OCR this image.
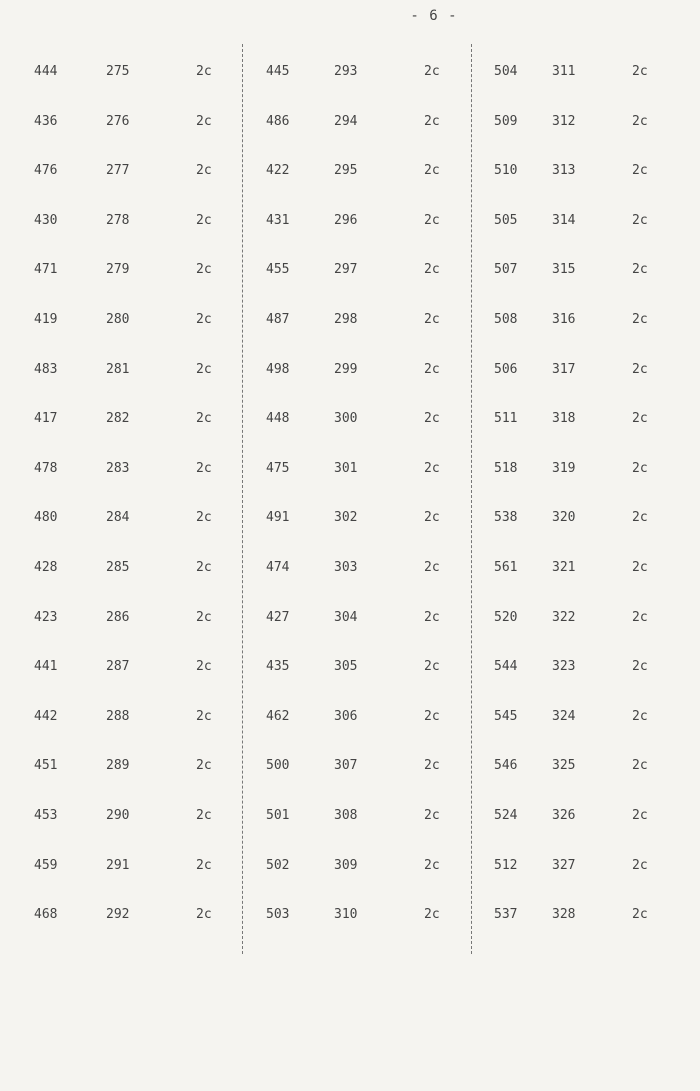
- 6 -
444	275	2c
436	276	2c
476	277	2c
430	278	2c
471	279	2c
419	280	2c
483	281	2c
417	282	2c
478	283	2c
480	284	2c
428	285	2c
423	286	2c
441	287	2c
442	288	2c
451	289	2c
453	290	2c
459	291	2c
468	292	2c
445	293	2c
486	294	2c
422	295	2c
431	296	2c
455	297	2c
487	298	2c
498	299	2c
448	300	2c
475	301	2c
491	302	2c
474	303	2c
427	304	2c
435	305	2c
462	306	2c
500	307	2c
501	308	2c
502	309	2c
503	310	2c
504	311	2c
509	312	2c
510	313	2c
505	314	2c
507	315	2c
508	316	2c
506	317	2c
511	318	2c
518	319	2c
538	320	2c
561	321	2c
520	322	2c
544	323	2c
545	324	2c
546	325	2c
524	326	2c
512	327	2c
537	328	2c
